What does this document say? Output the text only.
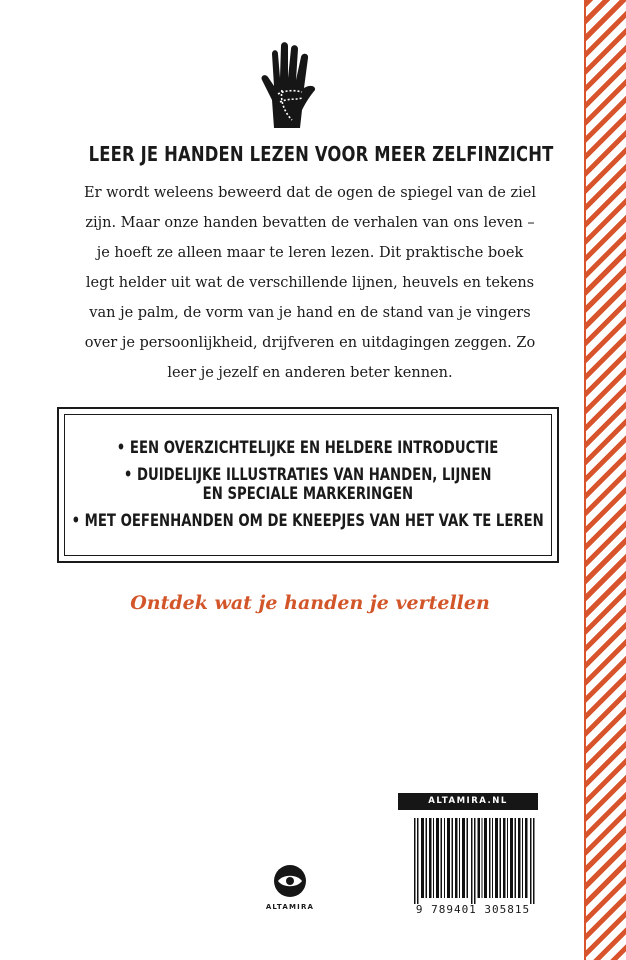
LEER JE HANDEN LEZEN VOOR MEER ZELFINZICHT
Er wordt weleens beweerd dat de ogen de spiegel van de ziel zijn. Maar onze handen bevatten de verhalen van ons leven – je hoeft ze alleen maar te leren lezen. Dit praktische boek legt helder uit wat de verschillende lijnen, heuvels en tekens van je palm, de vorm van je hand en de stand van je vingers over je persoonlijkheid, drijfveren en uitdagingen zeggen. Zo leer je jezelf en anderen beter kennen.
• EEN OVERZICHTELIJKE EN HELDERE INTRODUCTIE
• DUIDELIJKE ILLUSTRATIES VAN HANDEN, LIJNEN
EN SPECIALE MARKERINGEN
• MET OEFENHANDEN OM DE KNEEPJES VAN HET VAK TE LEREN
Ontdek wat je handen je vertellen
ALTAMIRA.NL
9 789401 305815
ALTAMIRA
